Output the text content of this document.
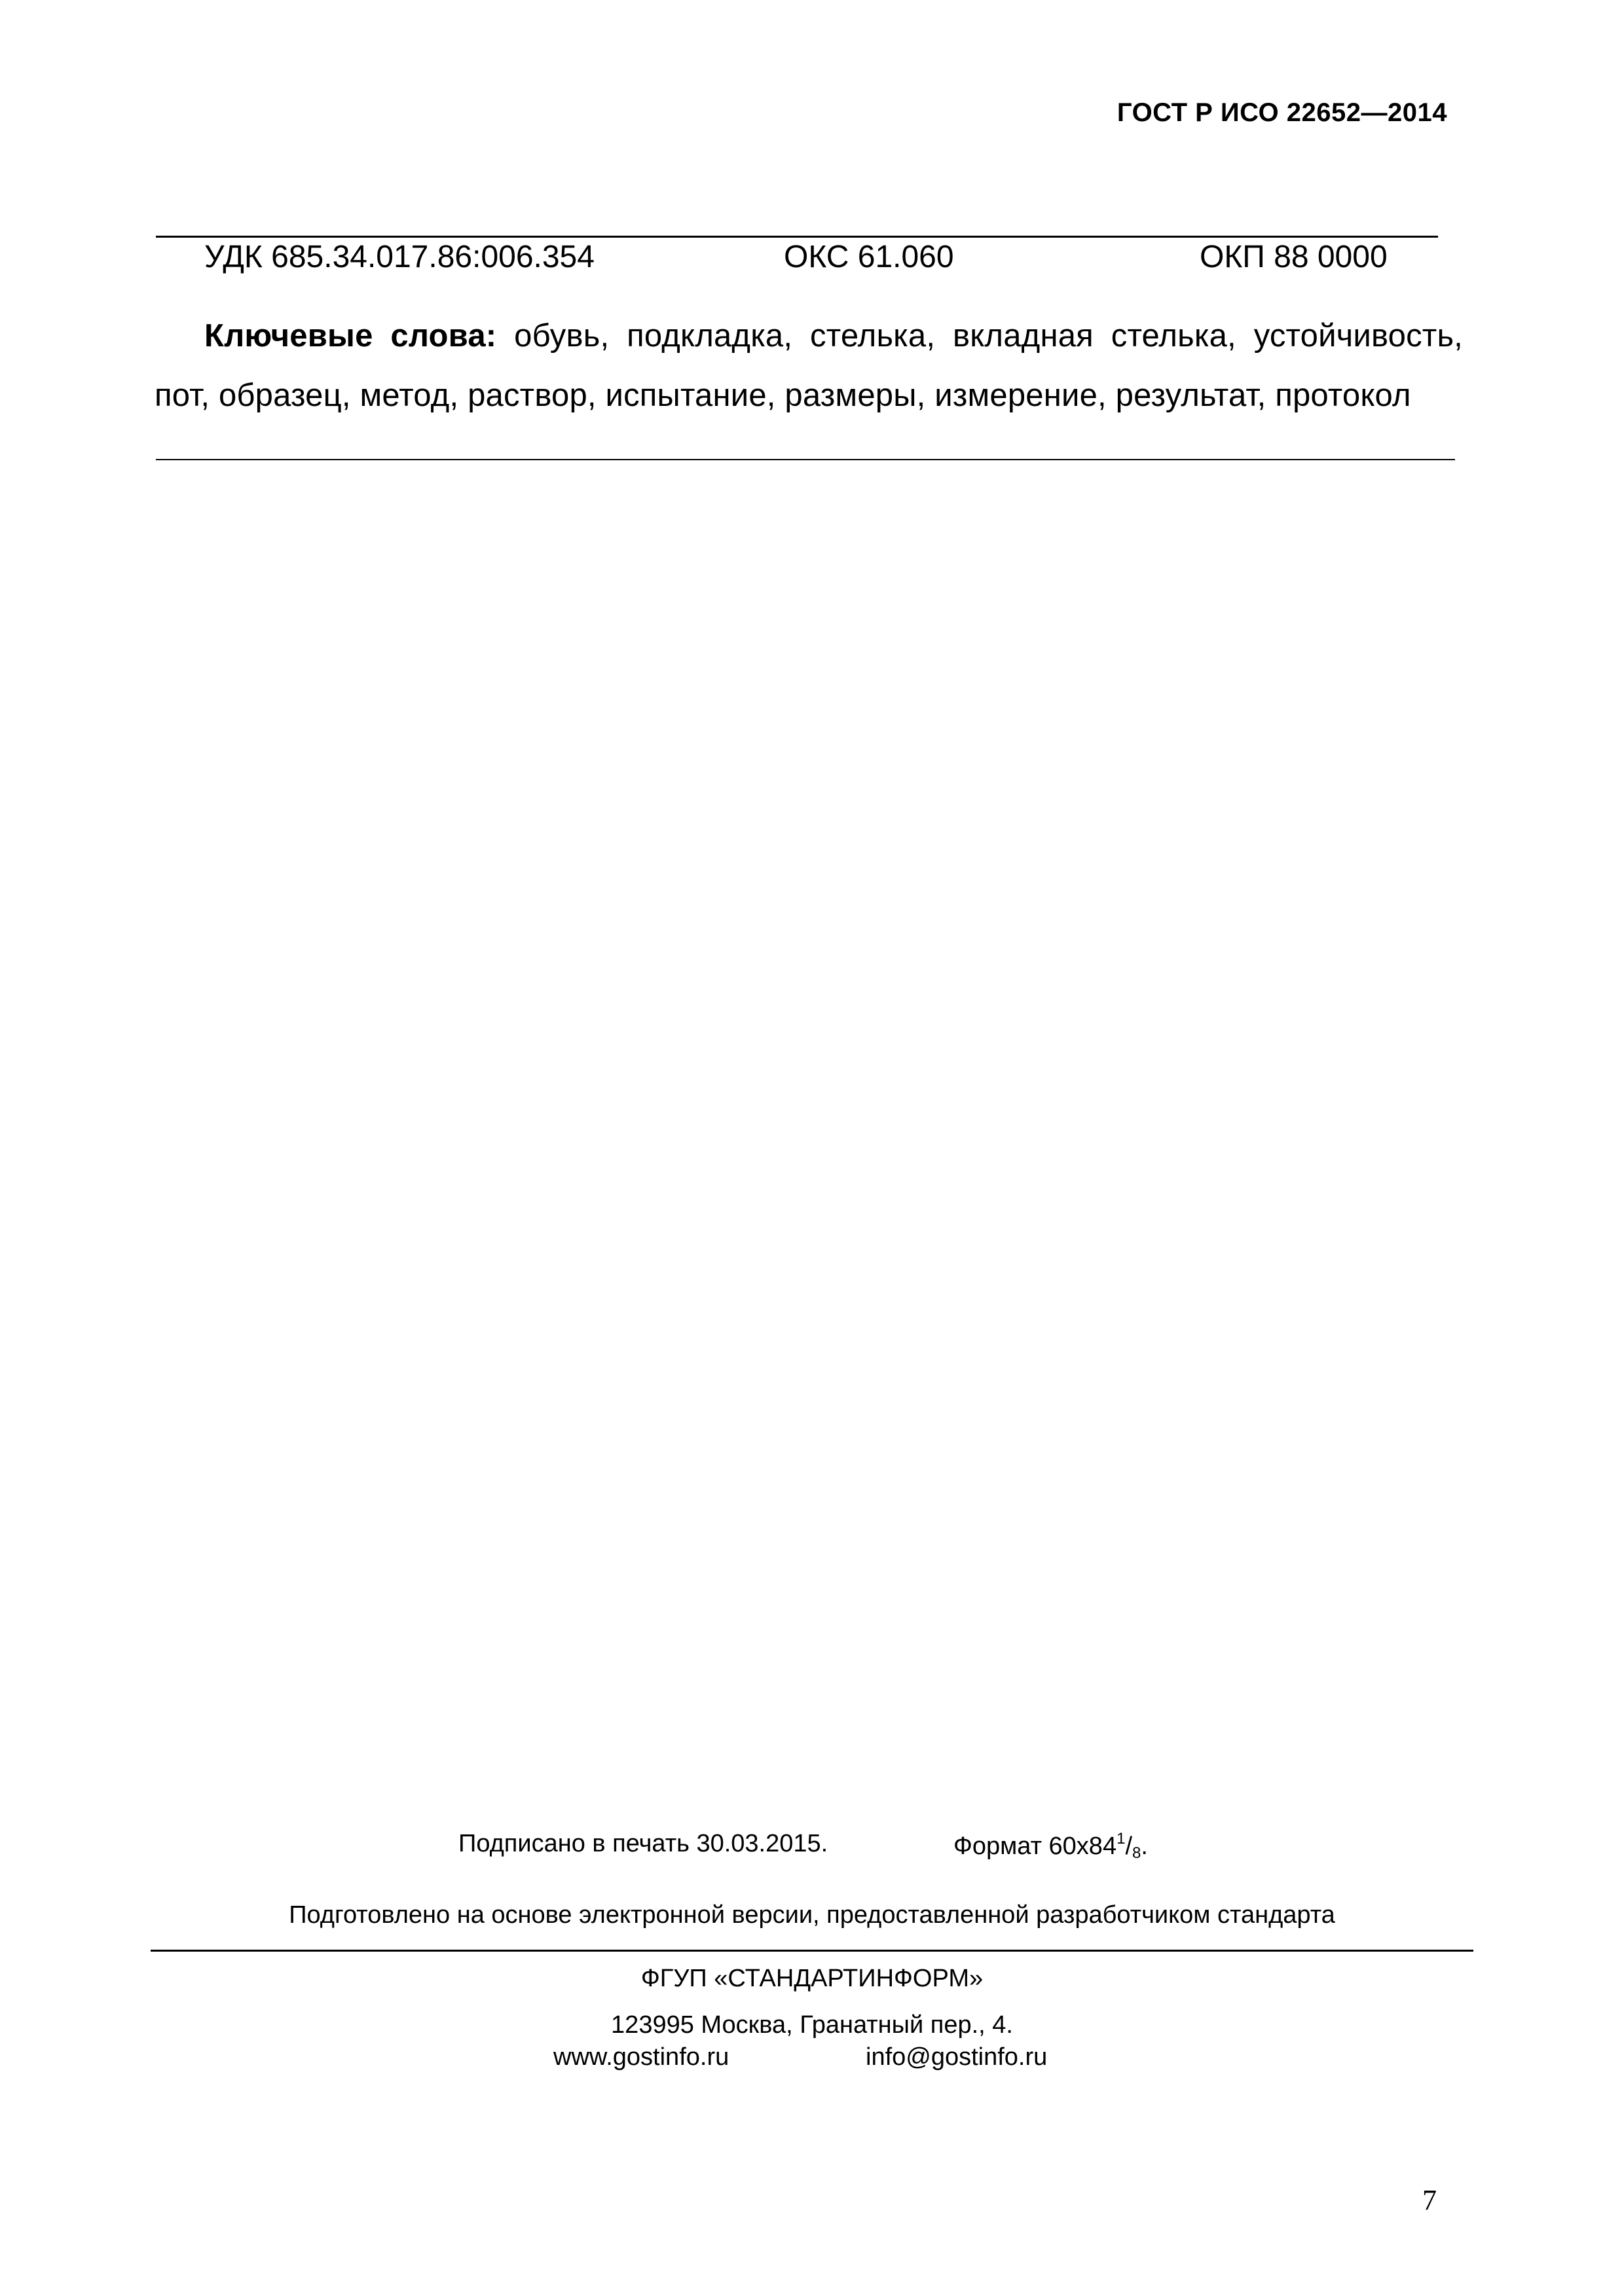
ГОСТ Р ИСО 22652—2014
УДК 685.34.017.86:006.354	ОКС 61.060	ОКП 88 0000
Ключевые слова: обувь, подкладка, стелька, вкладная стелька, устойчивость, пот, образец, метод, раствор, испытание, размеры, измерение, результат, протокол
Подписано в печать 30.03.2015.	Формат $60x84^1/_8$.
Подготовлено на основе электронной версии, предоставленной разработчиком стандарта
ФГУП «СТАНДАРТИНФОРМ»
123995 Москва, Гранатный пер., 4.
www.gostinfo.ru	info@gostinfo.ru
7
